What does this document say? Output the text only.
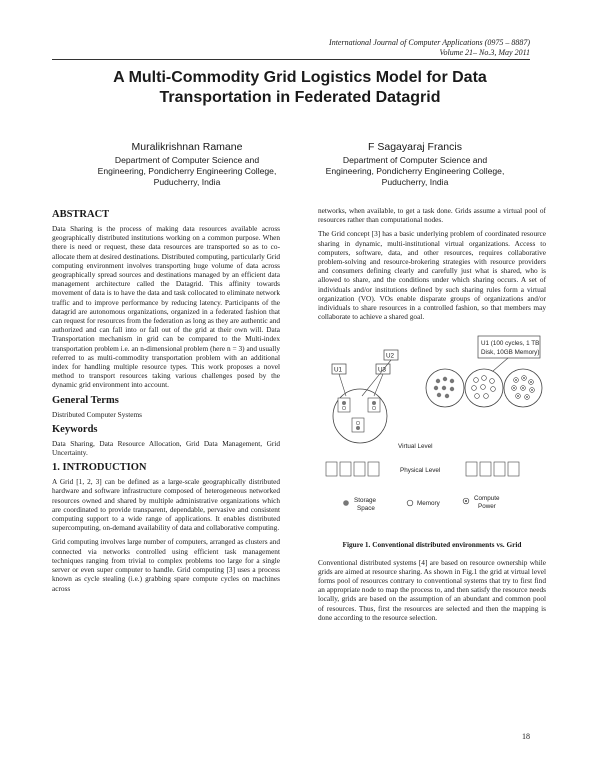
International Journal of Computer Applications (0975 – 8887)
Volume 21– No.3, May 2011
A Multi-Commodity Grid Logistics Model for Data
Transportation in Federated Datagrid
Muralikrishnan Ramane
Department of Computer Science and
Engineering, Pondicherry Engineering College,
Puducherry, India
F Sagayaraj Francis
Department of Computer Science and
Engineering, Pondicherry Engineering College,
Puducherry, India
ABSTRACT

Data Sharing is the process of making data resources available across geographically distributed institutions working on a common purpose. When there is need or request, these data resources are transported so as to co-allocate them at desired destinations. Distributed computing, particularly Grid computing environment involves transporting huge volume of data across geographically spread sources and destinations managed by an efficient data management architecture called the Datagrid. This affinity towards movement of data is to have the data and task collocated to eliminate network traffic and to improve performance by reducing latency. Participants of the datagrid are autonomous organizations, organized in a federated fashion that can request for resources from the federation as long as they are authentic and authorized and can fall into or fall out of the grid at their own will. Data Transportation mechanism in grid can be compared to the Multi-index transportation problem i.e. an n-dimensional problem (here n = 3) and usually referred to as multi-commodity transportation problem with an additional index for handling multiple resource types. This work proposes a novel method to transport resources taking various challenges posed by the dynamic grid environment into account.

General Terms

Distributed Computer Systems

Keywords

Data Sharing, Data Resource Allocation, Grid Data Management, Grid Uncertainty.

1. INTRODUCTION

A Grid [1, 2, 3] can be defined as a large-scale geographically distributed hardware and software infrastructure composed of heterogeneous networked resources owned and shared by multiple administrative organizations which are coordinated to provide transparent, dependable, pervasive and consistent computing support to a wide range of applications. It enables distributed supercomputing, on-demand availability of data and collaborative computing.

Grid computing involves large number of computers, arranged as clusters and connected via networks controlled using efficient task management techniques ranging from trivial to complex problems too large for a single server or even super computer to handle. Grid computing [3] uses a process known as cycle stealing (i.e.) grabbing spare compute cycles on machines across

networks, when available, to get a task done. Grids assume a virtual pool of resources rather than computational nodes.

The Grid concept [3] has a basic underlying problem of coordinated resource sharing in dynamic, multi-institutional virtual organizations. Access to computers, software, data, and other resources, requires collaborative problem-solving and resource-brokering strategies with resource providers and consumers defining clearly and carefully just what is shared, who is allowed to share, and the conditions under which sharing occurs. A set of individuals and/or institutions defined by such sharing rules form a virtual organization (VO). VOs enable disparate groups of organizations and/or individuals to share resources in a controlled fashion, so that members may collaborate to achieve a shared goal.

U1
U2
U3
U1 (100 cycles, 1 TB
Disk, 10GB Memory)
Virtual Level
Physical Level
Storage
Space
Memory
Compute
Power
Figure 1. Conventional distributed environments vs. Grid

Conventional distributed systems [4] are based on resource ownership while grids are aimed at resource sharing. As shown in Fig.1 the grid at virtual level forms pool of resources contrary to conventional systems that try to first find an appropriate node to map the process to, and then satisfy the resource needs locally, grids are based on the assumption of an abundant and common pool of resources. Thus, first the resources are selected and then the mapping is done according to the resource selection.

18
